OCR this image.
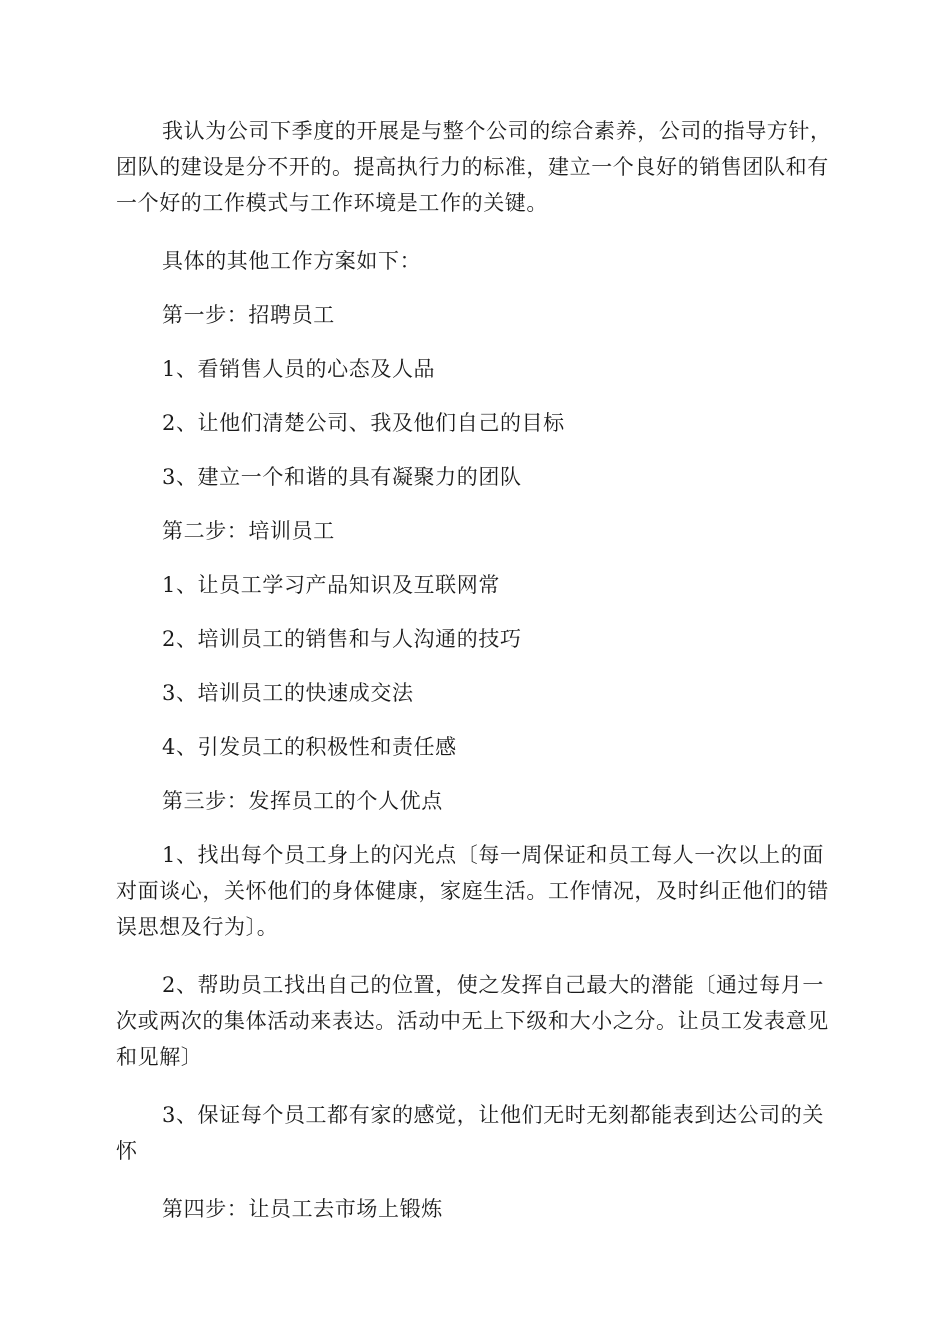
我认为公司下季度的开展是与整个公司的综合素养，公司的指导方针，团队的建设是分不开的。提高执行力的标准，建立一个良好的销售团队和有一个好的工作模式与工作环境是工作的关键。

具体的其他工作方案如下：

第一步：招聘员工

1、看销售人员的心态及人品

2、让他们清楚公司、我及他们自己的目标

3、建立一个和谐的具有凝聚力的团队

第二步：培训员工

1、让员工学习产品知识及互联网常

2、培训员工的销售和与人沟通的技巧

3、培训员工的快速成交法

4、引发员工的积极性和责任感

第三步：发挥员工的个人优点

1、找出每个员工身上的闪光点〔每一周保证和员工每人一次以上的面对面谈心，关怀他们的身体健康，家庭生活。工作情况，及时纠正他们的错误思想及行为〕。

2、帮助员工找出自己的位置，使之发挥自己最大的潜能〔通过每月一次或两次的集体活动来表达。活动中无上下级和大小之分。让员工发表意见和见解〕

3、保证每个员工都有家的感觉，让他们无时无刻都能表到达公司的关怀

第四步：让员工去市场上锻炼
